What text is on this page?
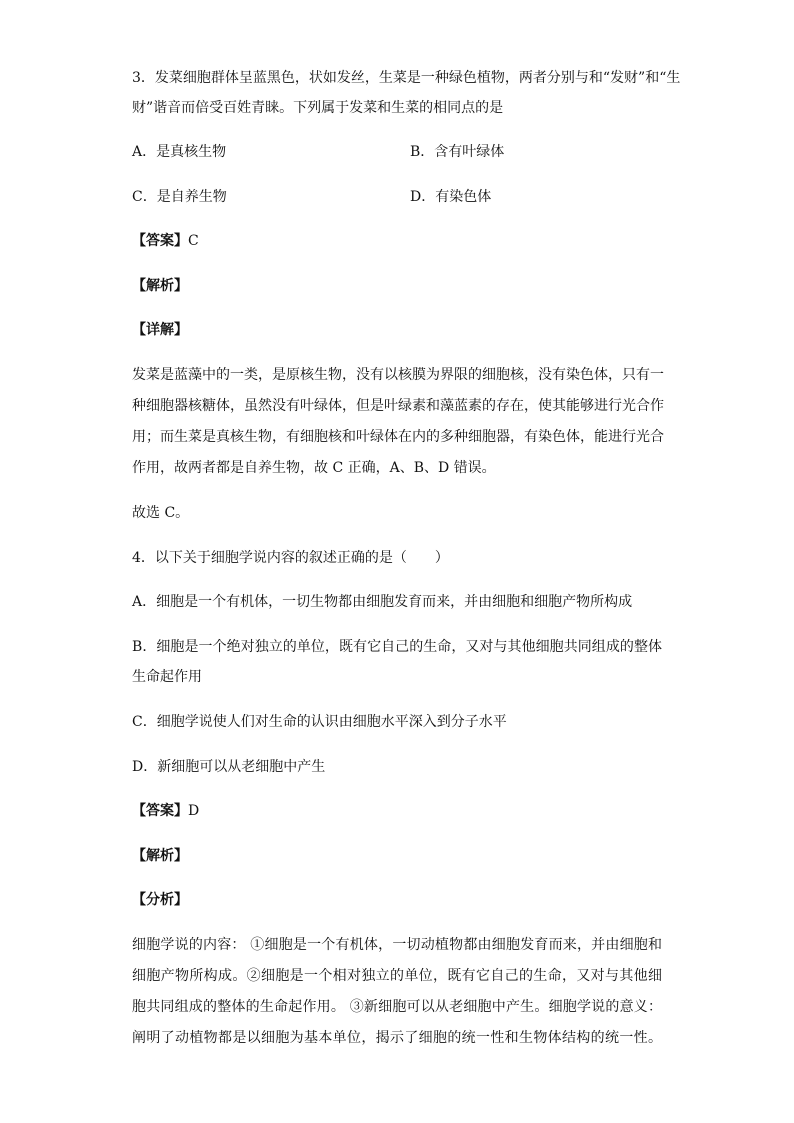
3．发菜细胞群体呈蓝黑色，状如发丝，生菜是一种绿色植物，两者分别与和“发财”和“生
财”谐音而倍受百姓青睐。下列属于发菜和生菜的相同点的是
A．是真核生物	B．含有叶绿体
C．是自养生物	D．有染色体
【答案】C
【解析】
【详解】
发菜是蓝藻中的一类，是原核生物，没有以核膜为界限的细胞核，没有染色体，只有一
种细胞器核糖体，虽然没有叶绿体，但是叶绿素和藻蓝素的存在，使其能够进行光合作
用；而生菜是真核生物，有细胞核和叶绿体在内的多种细胞器，有染色体，能进行光合
作用，故两者都是自养生物，故 C 正确，A、B、D 错误。
故选 C。
4．以下关于细胞学说内容的叙述正确的是（　　）
A．细胞是一个有机体，一切生物都由细胞发育而来，并由细胞和细胞产物所构成
B．细胞是一个绝对独立的单位，既有它自己的生命，又对与其他细胞共同组成的整体
生命起作用
C．细胞学说使人们对生命的认识由细胞水平深入到分子水平
D．新细胞可以从老细胞中产生
【答案】D
【解析】
【分析】
细胞学说的内容： ①细胞是一个有机体，一切动植物都由细胞发育而来，并由细胞和
细胞产物所构成。②细胞是一个相对独立的单位，既有它自己的生命，又对与其他细
胞共同组成的整体的生命起作用。 ③新细胞可以从老细胞中产生。细胞学说的意义：
阐明了动植物都是以细胞为基本单位，揭示了细胞的统一性和生物体结构的统一性。
